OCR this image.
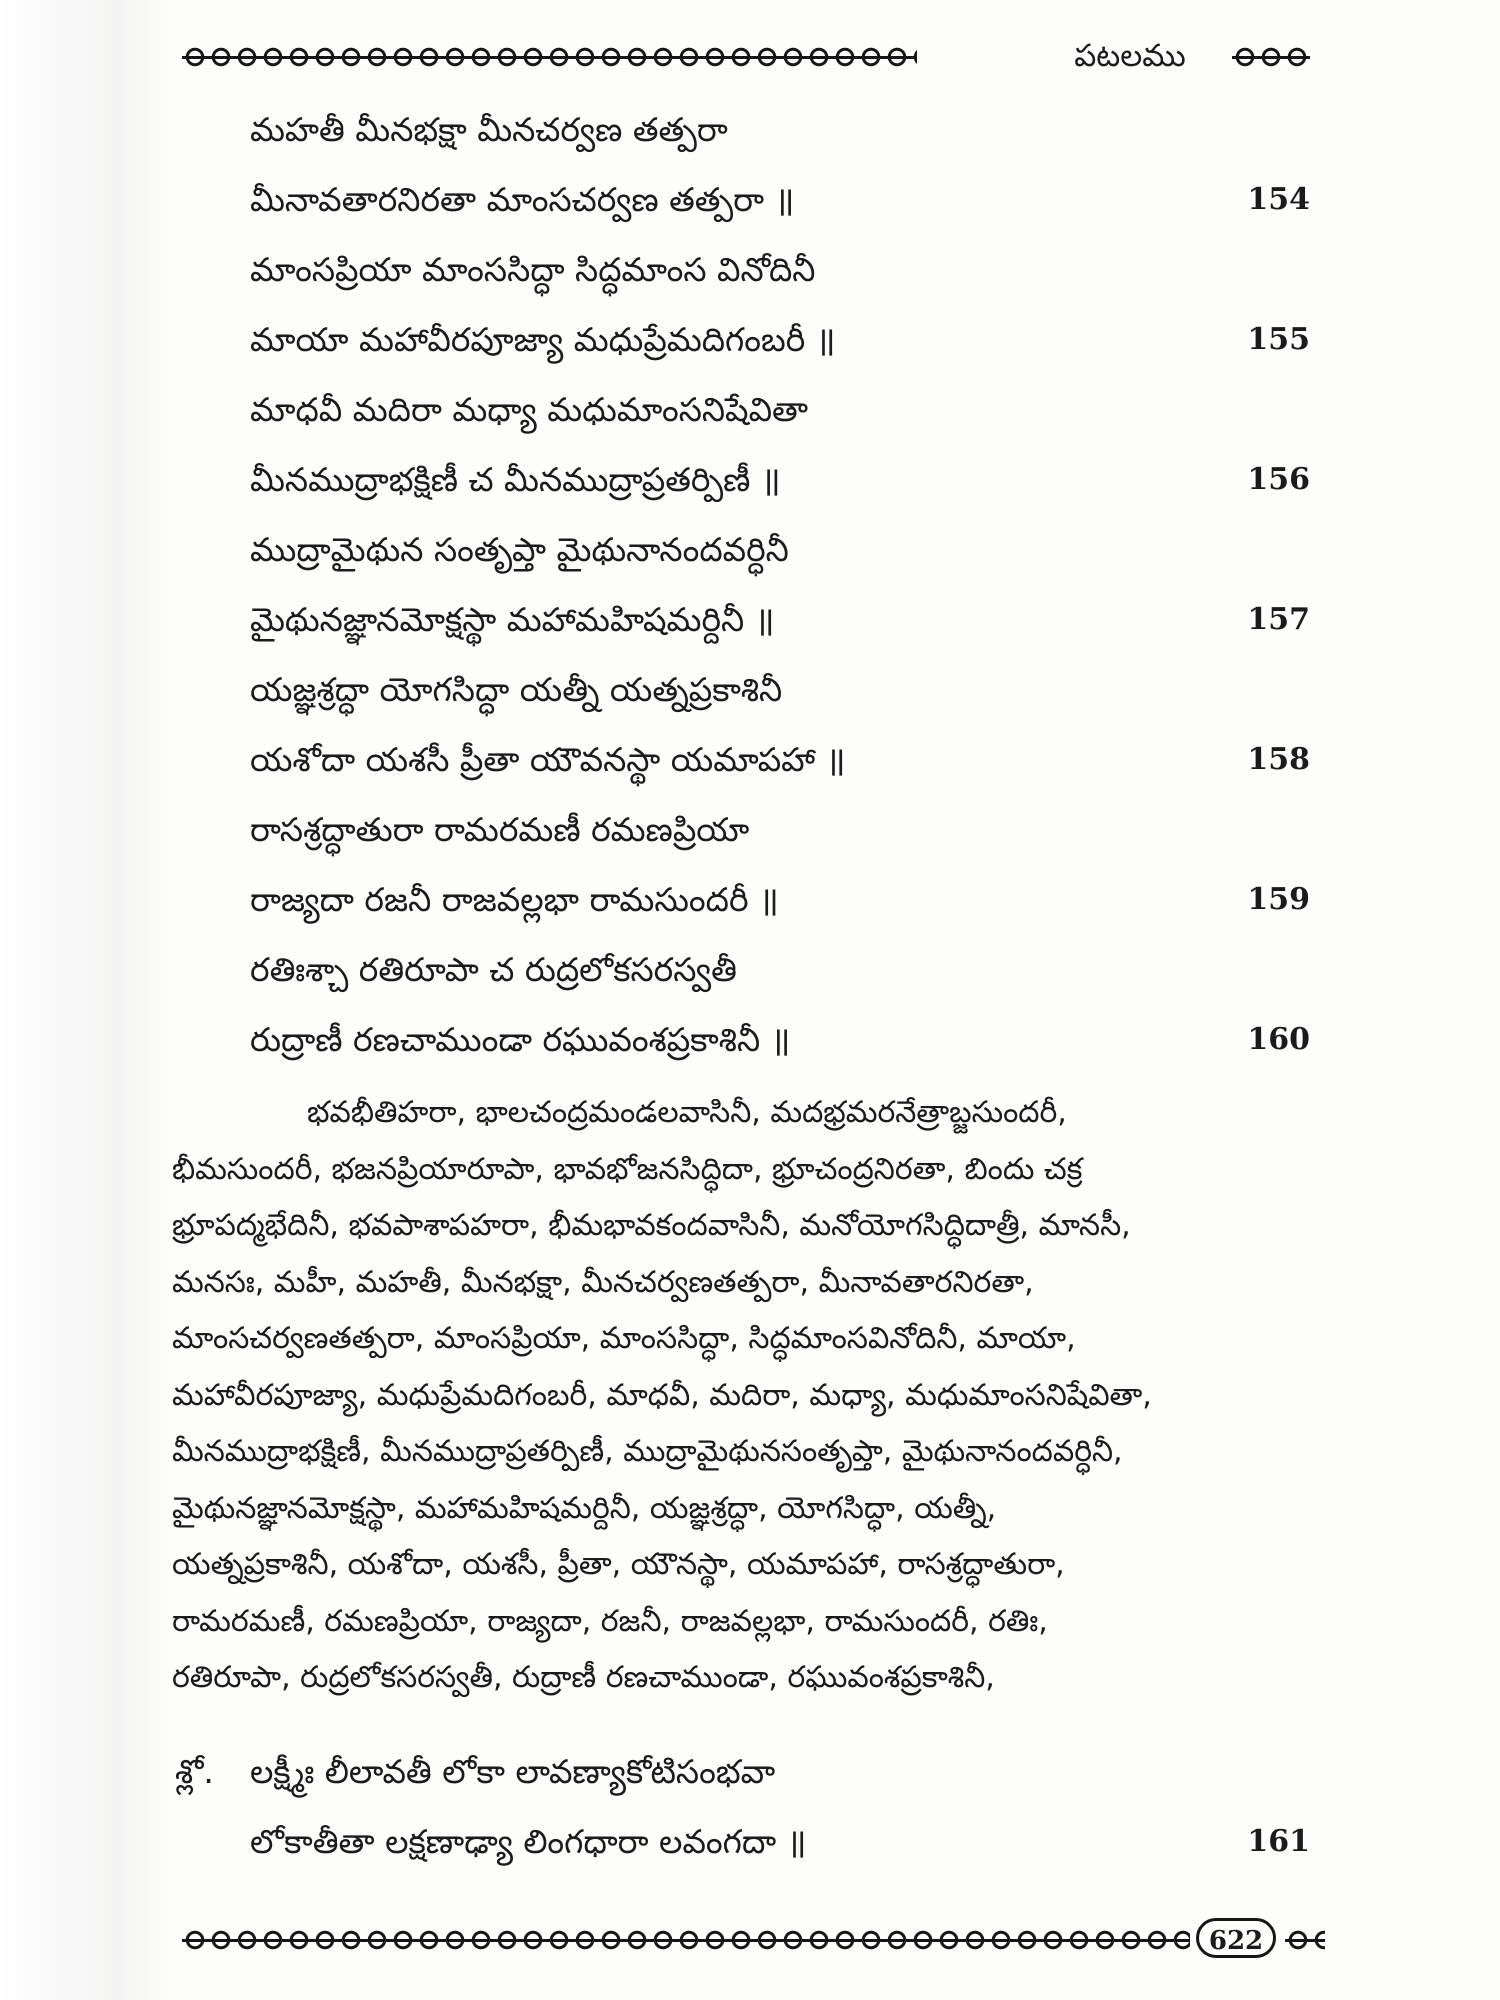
పటలము
మహతీ మీనభక్షా మీనచర్వణ తత్పరా
మీనావతారనిరతా మాంసచర్వణ తత్పరా ॥	154
మాంసప్రియా మాంససిద్ధా సిద్ధమాంస వినోదినీ
మాయా మహావీరపూజ్యా మధుప్రేమదిగంబరీ ॥	155
మాధవీ మదిరా మధ్యా మధుమాంసనిషేవితా
మీనముద్రాభక్షిణీ చ మీనముద్రాప్రతర్పిణీ ॥	156
ముద్రామైథున సంతృప్తా మైథునానందవర్ధినీ
మైథునజ్ఞానమోక్షస్థా మహామహిషమర్దినీ ॥	157
యజ్ఞశ్రద్ధా యోగసిద్ధా యత్నీ యత్నప్రకాశినీ
యశోదా యశసీ ప్రీతా యౌవనస్థా యమాపహా ॥	158
రాసశ్రద్ధాతురా రామరమణీ రమణప్రియా
రాజ్యదా రజనీ రాజవల్లభా రామసుందరీ ॥	159
రతిఃశ్చా రతిరూపా చ రుద్రలోకసరస్వతీ
రుద్రాణీ రణచాముండా రఘువంశప్రకాశినీ ॥	160
భవభీతిహరా, భాలచంద్రమండలవాసినీ, మదభ్రమరనేత్రాబ్జసుందరీ,
భీమసుందరీ, భజనప్రియారూపా, భావభోజనసిద్ధిదా, భ్రూచంద్రనిరతా, బిందు చక్ర
భ్రూపద్మభేదినీ, భవపాశాపహరా, భీమభావకందవాసినీ, మనోయోగసిద్ధిదాత్రీ, మానసీ,
మనసః, మహీ, మహతీ, మీనభక్షా, మీనచర్వణతత్పరా, మీనావతారనిరతా,
మాంసచర్వణతత్పరా, మాంసప్రియా, మాంససిద్ధా, సిద్ధమాంసవినోదినీ, మాయా,
మహావీరపూజ్యా, మధుప్రేమదిగంబరీ, మాధవీ, మదిరా, మధ్యా, మధుమాంసనిషేవితా,
మీనముద్రాభక్షిణీ, మీనముద్రాప్రతర్పిణీ, ముద్రామైథునసంతృప్తా, మైథునానందవర్ధినీ,
మైథునజ్ఞానమోక్షస్థా, మహామహిషమర్దినీ, యజ్ఞశ్రద్ధా, యోగసిద్ధా, యత్నీ,
యత్నప్రకాశినీ, యశోదా, యశసీ, ప్రీతా, యౌనస్థా, యమాపహా, రాసశ్రద్ధాతురా,
రామరమణీ, రమణప్రియా, రాజ్యదా, రజనీ, రాజవల్లభా, రామసుందరీ, రతిః,
రతిరూపా, రుద్రలోకసరస్వతీ, రుద్రాణీ రణచాముండా, రఘువంశప్రకాశినీ,
శ్లో.	లక్ష్మీః లీలావతీ లోకా లావణ్యాకోటిసంభవా
లోకాతీతా లక్షణాఢ్యా లింగధారా లవంగదా ॥	161
622
